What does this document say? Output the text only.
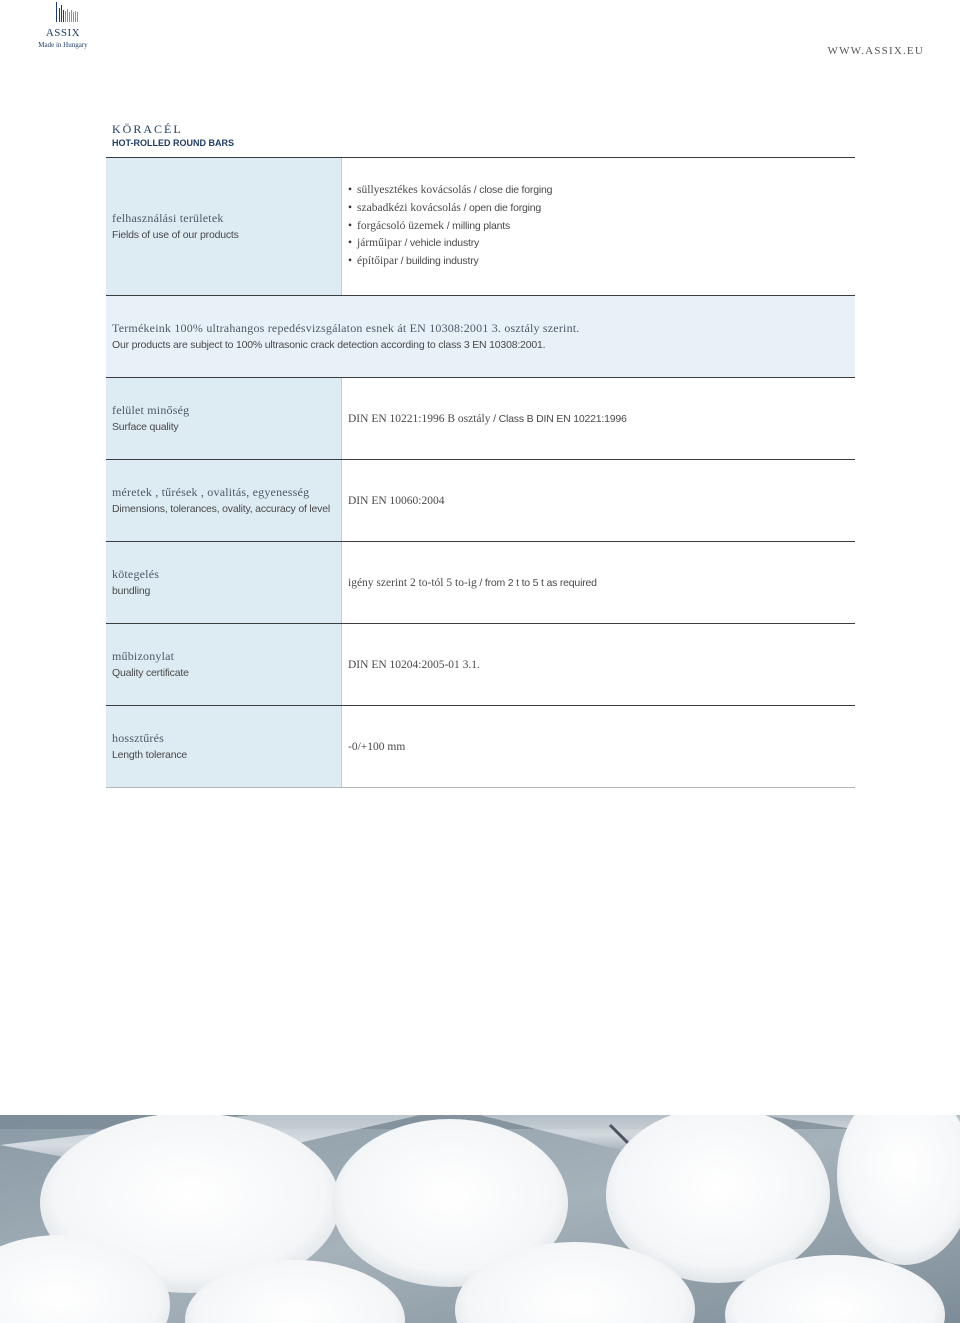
ASSIX
Made in Hungary	WWW.ASSIX.EU
KÖRACÉL
HOT-ROLLED ROUND BARS
felhasználási területek
Fields of use of our products
• süllyesztékes kovácsolás / close die forging
• szabadkézi kovácsolás / open die forging
• forgácsoló üzemek / milling plants
• járműipar / vehicle industry
• építőipar / building industry
Termékeink 100% ultrahangos repedésvizsgálaton esnek át EN 10308:2001 3. osztály szerint.
Our products are subject to 100% ultrasonic crack detection according to class 3 EN 10308:2001.
felület minőség
Surface quality
DIN EN 10221:1996 B osztály / Class B DIN EN 10221:1996
méretek , tűrések , ovalitás, egyenesség
Dimensions, tolerances, ovality, accuracy of level
DIN EN 10060:2004
kötegelés
bundling
igény szerint 2 to-tól 5 to-ig / from 2 t to 5 t as required
műbizonylat
Quality certificate
DIN EN 10204:2005-01 3.1.
hossztűrés
Length tolerance
-0/+100 mm
